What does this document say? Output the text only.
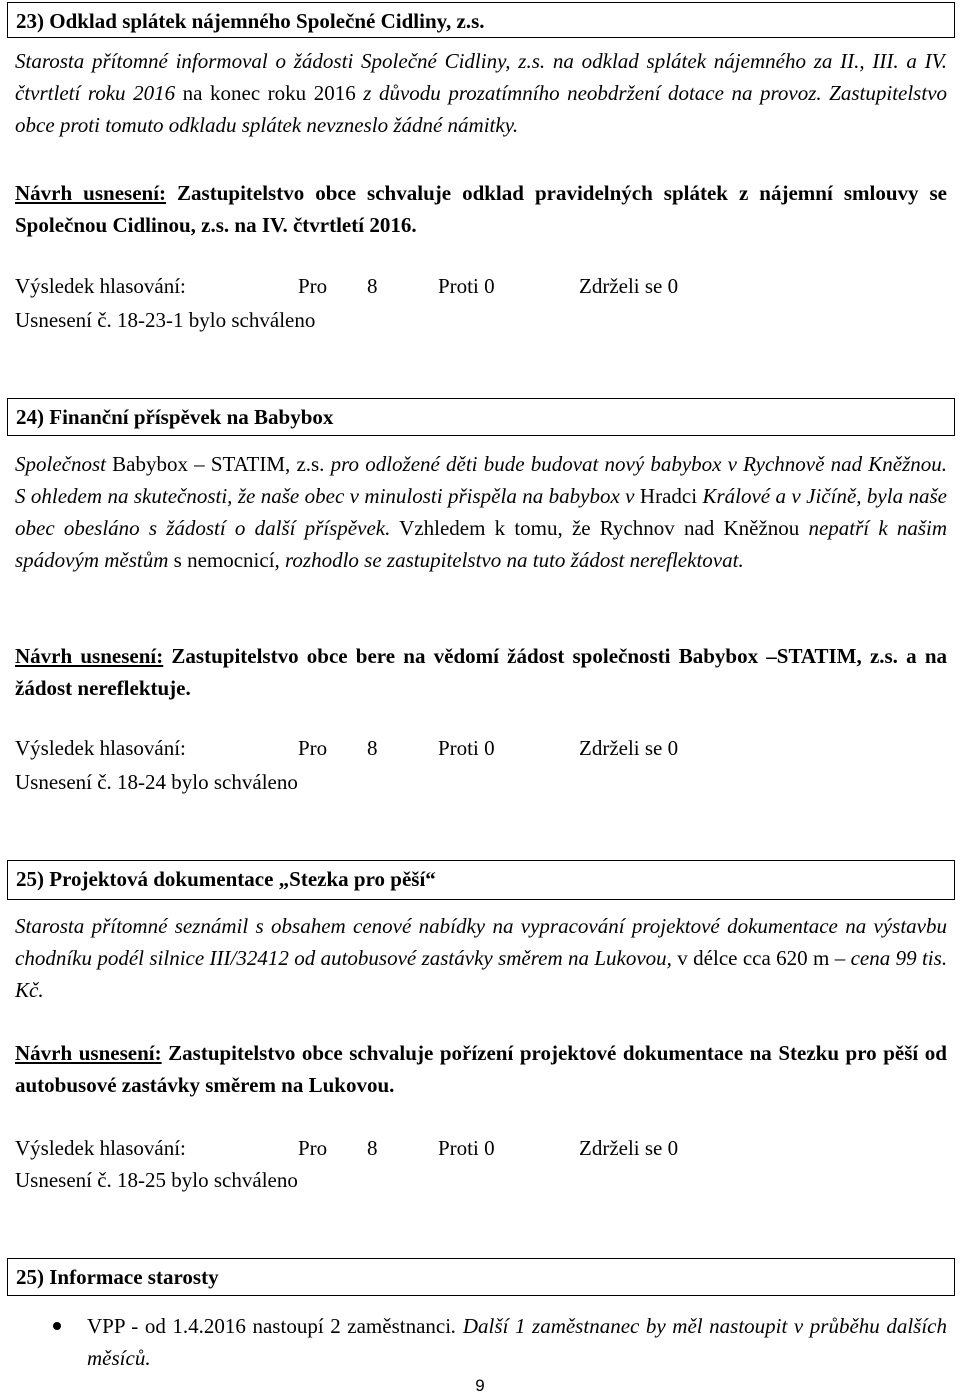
23) Odklad splátek nájemného Společné Cidliny, z.s.

Starosta přítomné informoval o žádosti Společné Cidliny, z.s. na odklad splátek nájemného za II., III. a IV. čtvrtletí roku 2016 na konec roku 2016 z důvodu prozatímního neobdržení dotace na provoz. Zastupitelstvo obce proti tomuto odkladu splátek nevzneslo žádné námitky.

Návrh usnesení: Zastupitelstvo obce schvaluje odklad pravidelných splátek z nájemní smlouvy se Společnou Cidlinou, z.s. na IV. čtvrtletí 2016.

Výsledek hlasování:	Pro 8	Proti 0	Zdrželi se 0
Usnesení č. 18-23-1 bylo schváleno
24) Finanční příspěvek na Babybox

Společnost Babybox – STATIM, z.s. pro odložené děti bude budovat nový babybox v Rychnově nad Kněžnou. S ohledem na skutečnosti, že naše obec v minulosti přispěla na babybox v Hradci Králové a v Jičíně, byla naše obec obesláno s žádostí o další příspěvek. Vzhledem k tomu, že Rychnov nad Kněžnou nepatří k našim spádovým městům s nemocnicí, rozhodlo se zastupitelstvo na tuto žádost nereflektovat.

Návrh usnesení: Zastupitelstvo obce bere na vědomí žádost společnosti Babybox –STATIM, z.s. a na žádost nereflektuje.

Výsledek hlasování:	Pro 8	Proti 0	Zdrželi se 0
Usnesení č. 18-24 bylo schváleno
25) Projektová dokumentace „Stezka pro pěší“

Starosta přítomné seznámil s obsahem cenové nabídky na vypracování projektové dokumentace na výstavbu chodníku podél silnice III/32412 od autobusové zastávky směrem na Lukovou, v délce cca 620 m – cena 99 tis. Kč.

Návrh usnesení: Zastupitelstvo obce schvaluje pořízení projektové dokumentace na Stezku pro pěší od autobusové zastávky směrem na Lukovou.

Výsledek hlasování:	Pro 8	Proti 0	Zdrželi se 0
Usnesení č. 18-25 bylo schváleno
25) Informace starosty
VPP - od 1.4.2016 nastoupí 2 zaměstnanci. Další 1 zaměstnanec by měl nastoupit v průběhu dalších měsíců.
9
